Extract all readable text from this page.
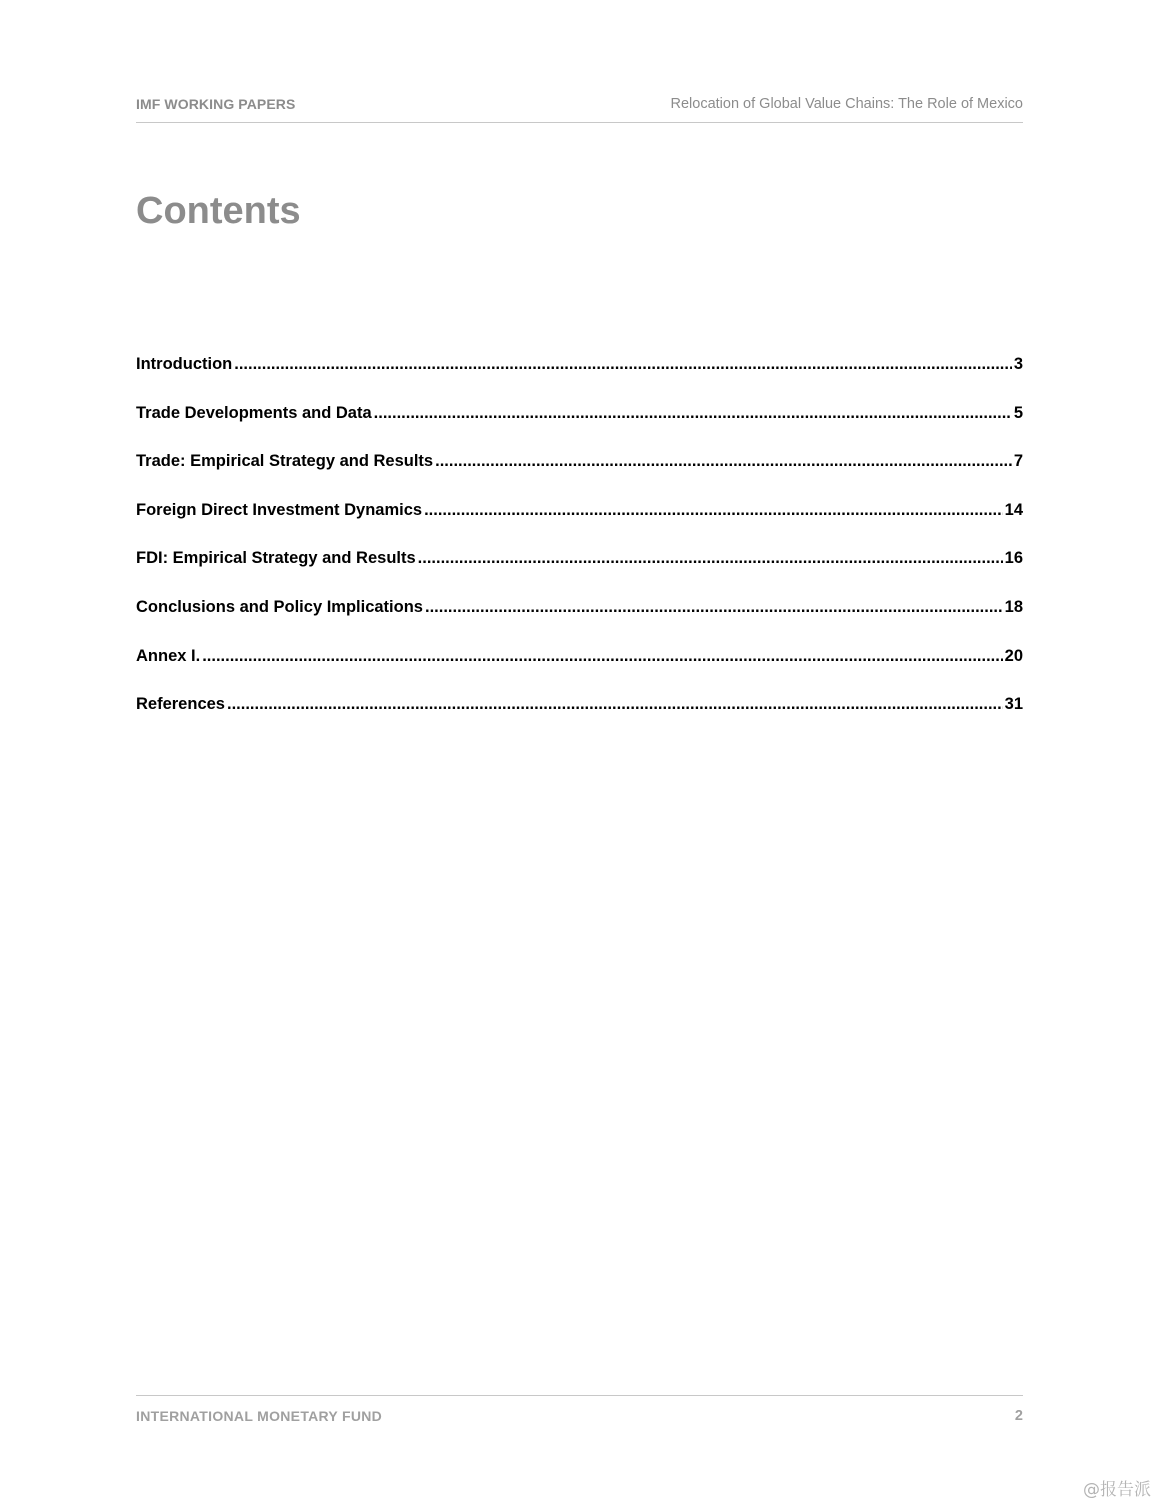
IMF WORKING PAPERS	Relocation of Global Value Chains: The Role of Mexico
Contents
Introduction .....	3
Trade Developments and Data .....	5
Trade: Empirical Strategy and Results .....	7
Foreign Direct Investment Dynamics .....	14
FDI: Empirical Strategy and Results .....	16
Conclusions and Policy Implications .....	18
Annex I. .....	20
References .....	31
INTERNATIONAL MONETARY FUND	2
@报告派
